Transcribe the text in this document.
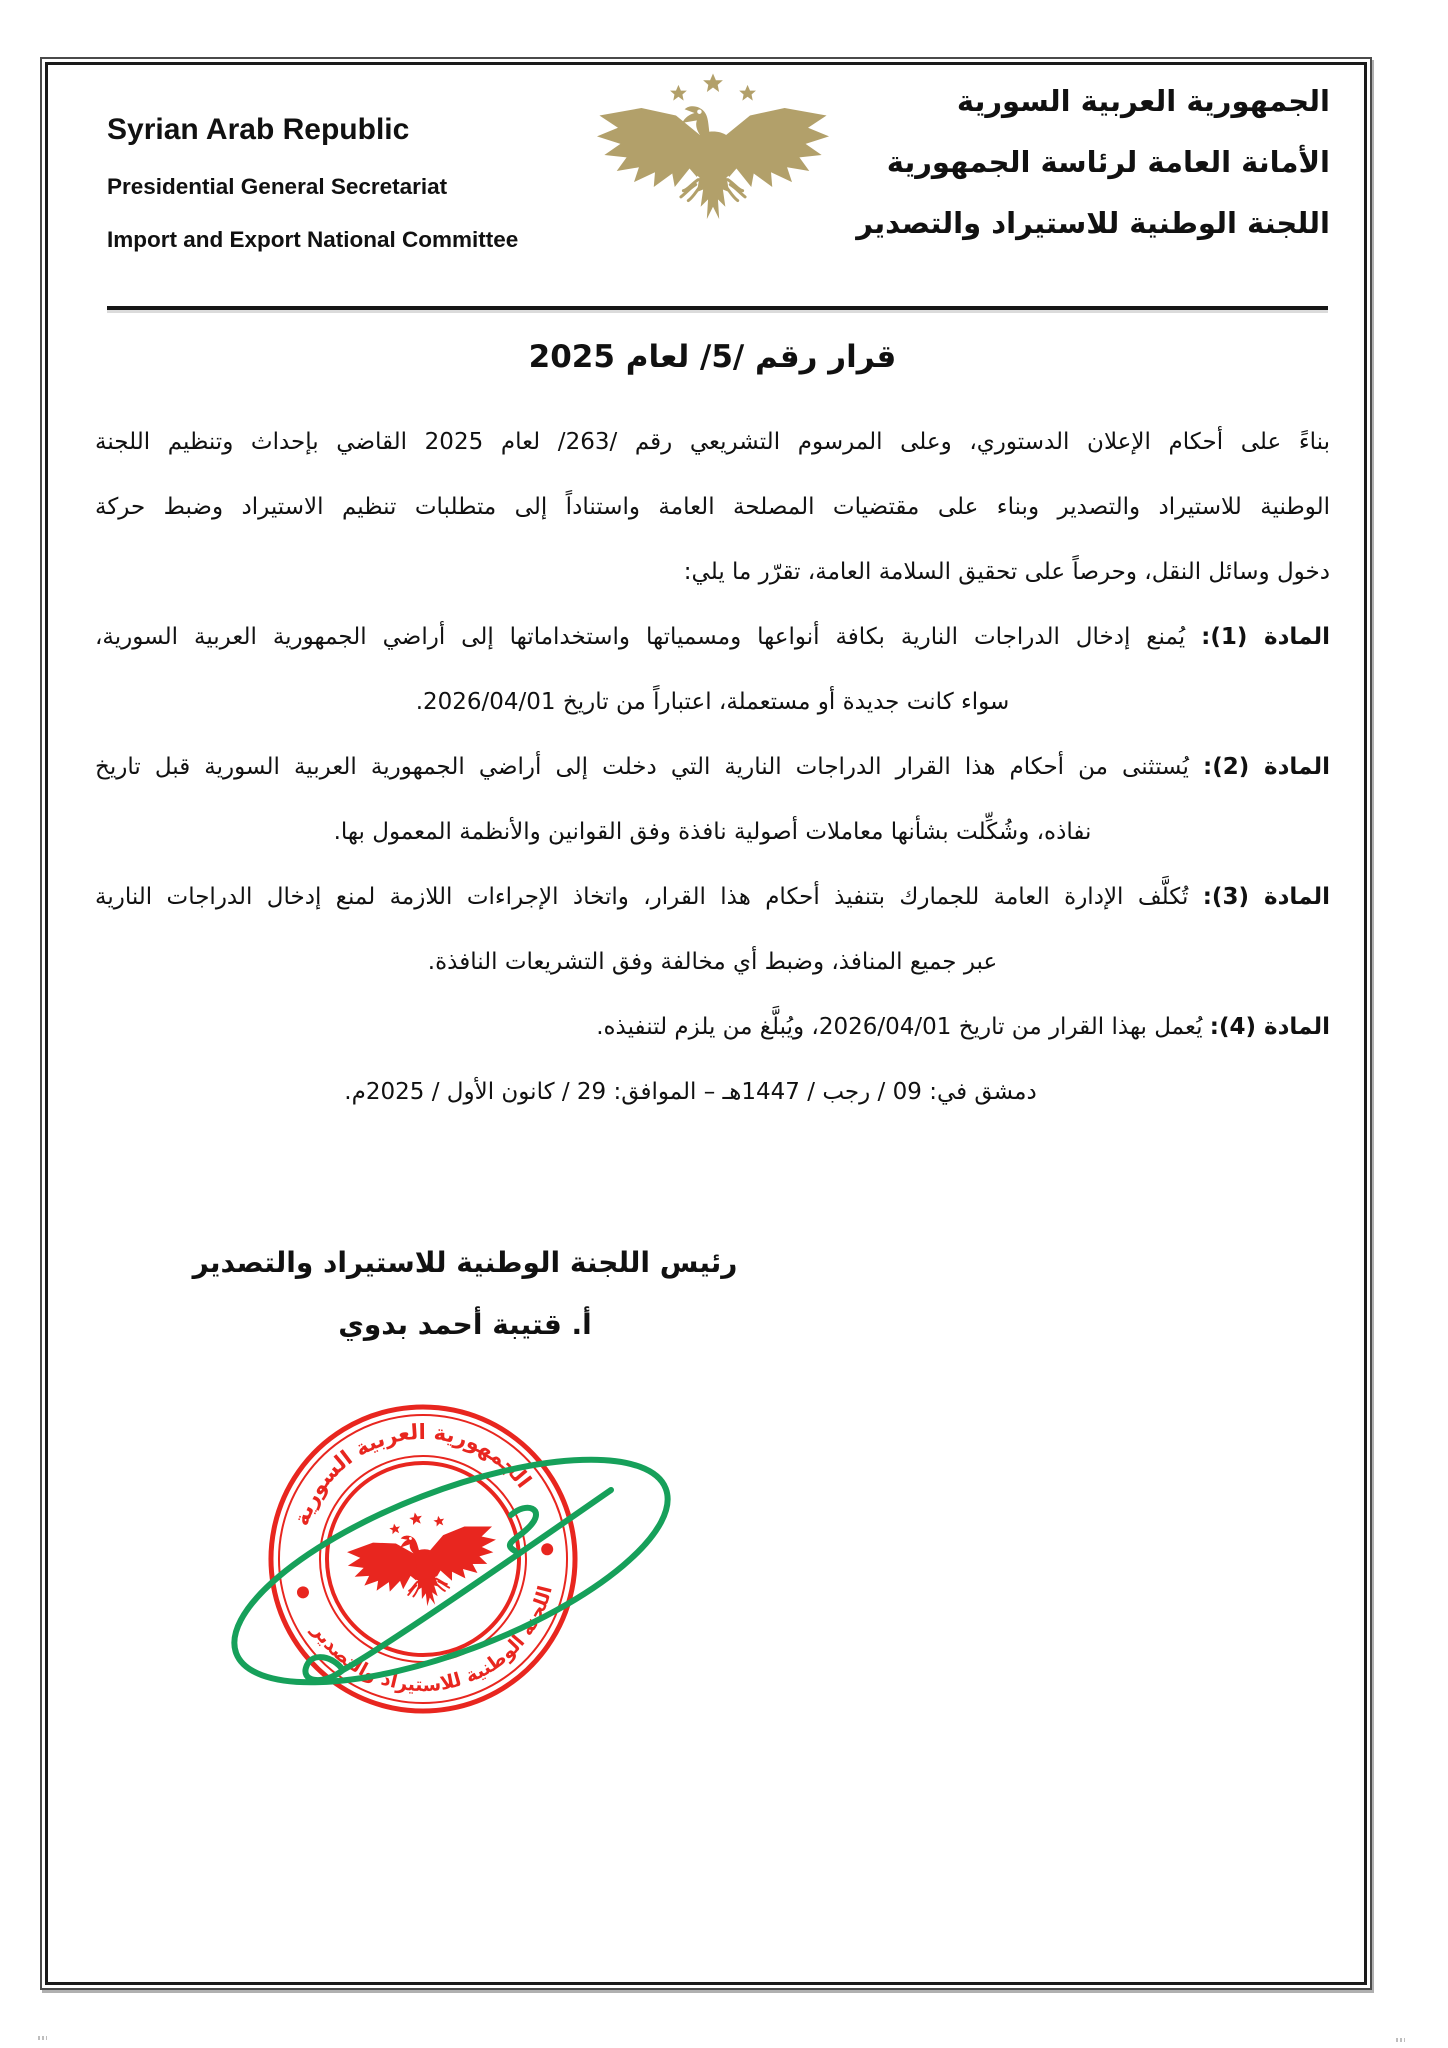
Syrian Arab Republic
Presidential General Secretariat
Import and Export National Committee
الجمهورية العربية السورية
الأمانة العامة لرئاسة الجمهورية
اللجنة الوطنية للاستيراد والتصدير
قرار رقم /5/ لعام 2025
بناءً على أحكام الإعلان الدستوري، وعلى المرسوم التشريعي رقم /263/ لعام 2025 القاضي بإحداث وتنظيم اللجنة
الوطنية للاستيراد والتصدير وبناء على مقتضيات المصلحة العامة واستناداً إلى متطلبات تنظيم الاستيراد وضبط حركة
دخول وسائل النقل، وحرصاً على تحقيق السلامة العامة، تقرّر ما يلي:
المادة (1): يُمنع إدخال الدراجات النارية بكافة أنواعها ومسمياتها واستخداماتها إلى أراضي الجمهورية العربية السورية،
سواء كانت جديدة أو مستعملة، اعتباراً من تاريخ 2026/04/01.
المادة (2): يُستثنى من أحكام هذا القرار الدراجات النارية التي دخلت إلى أراضي الجمهورية العربية السورية قبل تاريخ
نفاذه، وشُكِّلت بشأنها معاملات أصولية نافذة وفق القوانين والأنظمة المعمول بها.
المادة (3): تُكلَّف الإدارة العامة للجمارك بتنفيذ أحكام هذا القرار، واتخاذ الإجراءات اللازمة لمنع إدخال الدراجات النارية
عبر جميع المنافذ، وضبط أي مخالفة وفق التشريعات النافذة.
المادة (4): يُعمل بهذا القرار من تاريخ 2026/04/01، ويُبلَّغ من يلزم لتنفيذه.
دمشق في: 09 / رجب / 1447هـ – الموافق: 29 / كانون الأول / 2025م.
رئيس اللجنة الوطنية للاستيراد والتصدير
أ. قتيبة أحمد بدوي
الجمهورية العربية السورية
اللجنة الوطنية للاستيراد والتصدير
